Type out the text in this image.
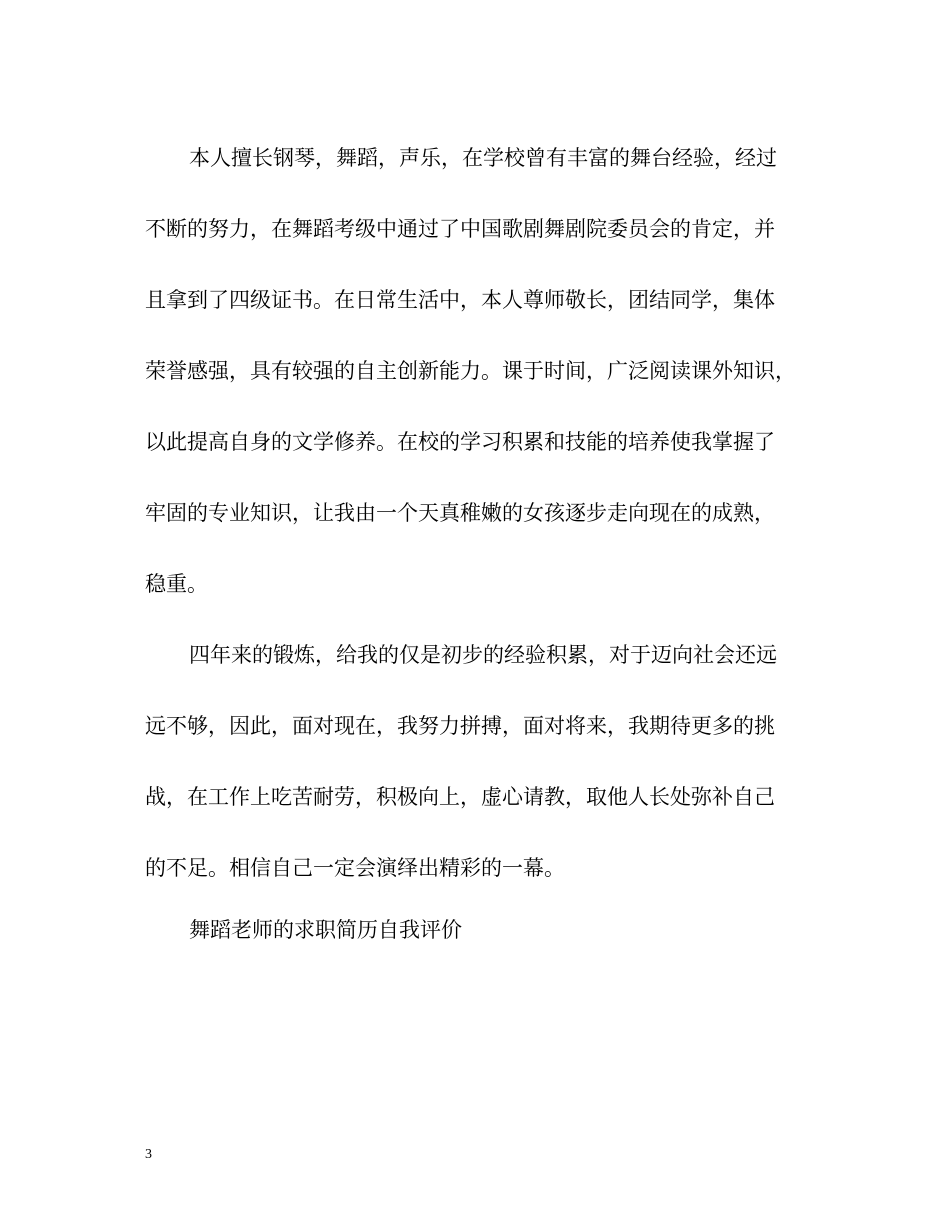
本人擅长钢琴，舞蹈，声乐，在学校曾有丰富的舞台经验，经过

不断的努力，在舞蹈考级中通过了中国歌剧舞剧院委员会的肯定，并

且拿到了四级证书。在日常生活中，本人尊师敬长，团结同学，集体

荣誉感强，具有较强的自主创新能力。课于时间，广泛阅读课外知识，

以此提高自身的文学修养。在校的学习积累和技能的培养使我掌握了

牢固的专业知识，让我由一个天真稚嫩的女孩逐步走向现在的成熟，

稳重。

四年来的锻炼，给我的仅是初步的经验积累，对于迈向社会还远

远不够，因此，面对现在，我努力拼搏，面对将来，我期待更多的挑

战，在工作上吃苦耐劳，积极向上，虚心请教，取他人长处弥补自己

的不足。相信自己一定会演绎出精彩的一幕。

舞蹈老师的求职简历自我评价

3
